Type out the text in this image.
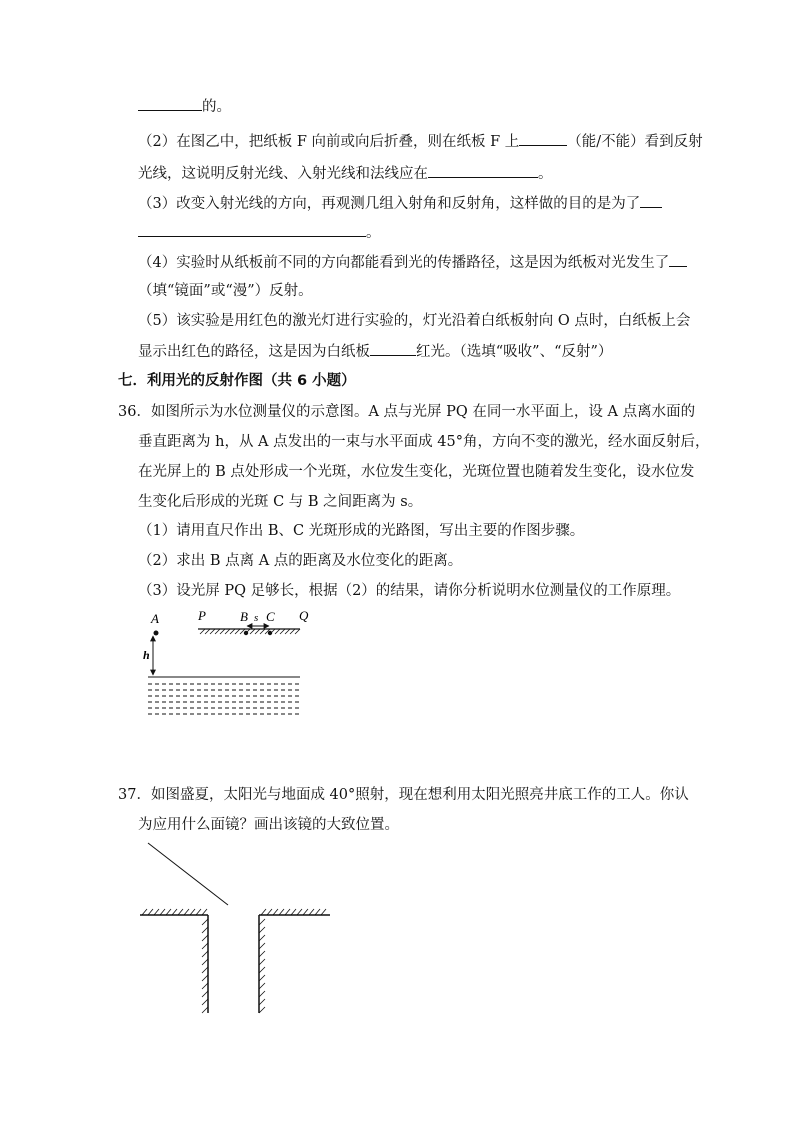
的。
（2）在图乙中，把纸板 F 向前或向后折叠，则在纸板 F 上	（能/不能）看到反射
光线，这说明反射光线、入射光线和法线应在	。
（3）改变入射光线的方向，再观测几组入射角和反射角，这样做的目的是为了
。
（4）实验时从纸板前不同的方向都能看到光的传播路径，这是因为纸板对光发生了
（填“镜面”或“漫”）反射。
（5）该实验是用红色的激光灯进行实验的，灯光沿着白纸板射向 O 点时，白纸板上会
显示出红色的路径，这是因为白纸板	红光。（选填“吸收”、“反射”）
七．利用光的反射作图（共 6 小题）
36．如图所示为水位测量仪的示意图。A 点与光屏 PQ 在同一水平面上，设 A 点离水面的
垂直距离为 h，从 A 点发出的一束与水平面成 45°角，方向不变的激光，经水面反射后，
在光屏上的 B 点处形成一个光斑，水位发生变化，光斑位置也随着发生变化，设水位发
生变化后形成的光斑 C 与 B 之间距离为 s。
（1）请用直尺作出 B、C 光斑形成的光路图，写出主要的作图步骤。
（2）求出 B 点离 A 点的距离及水位变化的距离。
（3）设光屏 PQ 足够长，根据（2）的结果，请你分析说明水位测量仪的工作原理。
A	P	B s C Q
h
37．如图盛夏，太阳光与地面成 40°照射，现在想利用太阳光照亮井底工作的工人。你认
为应用什么面镜？画出该镜的大致位置。
